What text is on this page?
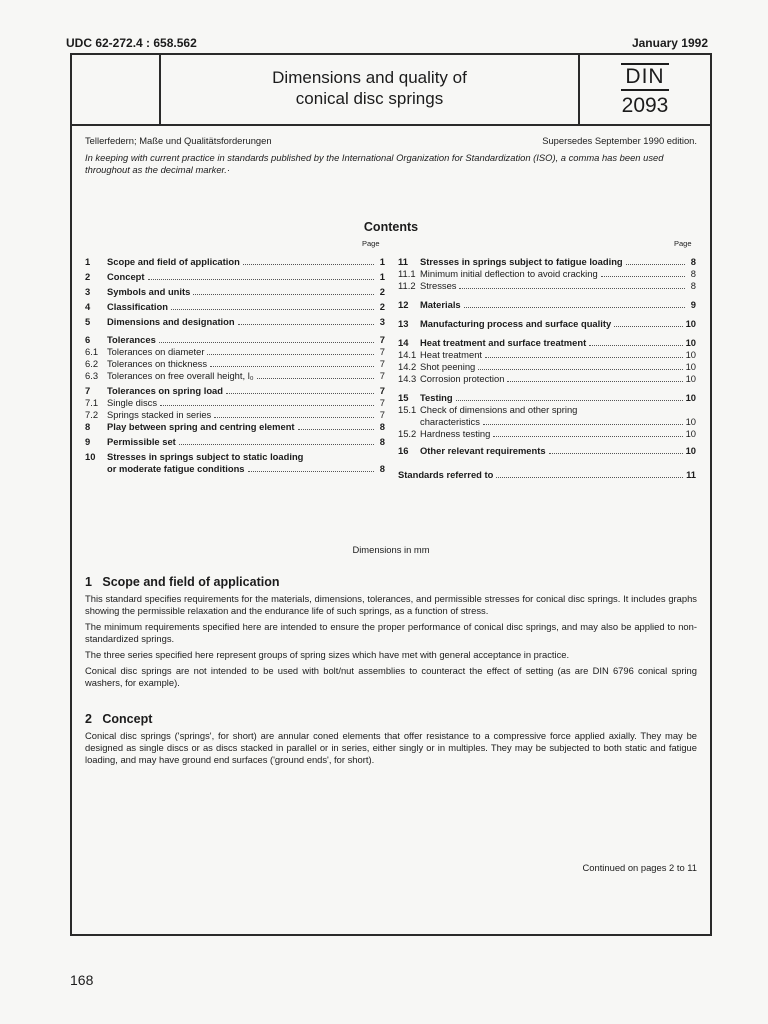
UDC 62-272.4 : 658.562	January 1992
Dimensions and quality of
conical disc springs
DIN
2093
Tellerfedern; Maße und Qualitätsforderungen	Supersedes September 1990 edition.
In keeping with current practice in standards published by the International Organization for Standardization (ISO), a comma has been used throughout as the decimal marker.·
Contents
Page	Page
1	Scope and field of application	1
2	Concept	1
3	Symbols and units	2
4	Classification	2
5	Dimensions and designation	3
6	Tolerances	7
6.1 Tolerances on diameter	7
6.2 Tolerances on thickness	7
6.3 Tolerances on free overall height, l₀	7
7	Tolerances on spring load	7
7.1 Single discs	7
7.2 Springs stacked in series	7
8	Play between spring and centring element	8
9	Permissible set	8
10	Stresses in springs subject to static loading
or moderate fatigue conditions	8
11	Stresses in springs subject to fatigue loading	8
11.1 Minimum initial deflection to avoid cracking	8
11.2 Stresses	8
12	Materials	9
13	Manufacturing process and surface quality	10
14	Heat treatment and surface treatment	10
14.1 Heat treatment	10
14.2 Shot peening	10
14.3 Corrosion protection	10
15	Testing	10
15.1 Check of dimensions and other spring
characteristics	10
15.2 Hardness testing	10
16	Other relevant requirements	10
Standards referred to	11
Dimensions in mm
1   Scope and field of application

This standard specifies requirements for the materials, dimensions, tolerances, and permissible stresses for conical disc springs. It includes graphs showing the permissible relaxation and the endurance life of such springs, as a function of stress.

The minimum requirements specified here are intended to ensure the proper performance of conical disc springs, and may also be applied to non-standardized springs.

The three series specified here represent groups of spring sizes which have met with general acceptance in practice.

Conical disc springs are not intended to be used with bolt/nut assemblies to counteract the effect of setting (as are DIN 6796 conical spring washers, for example).

2   Concept

Conical disc springs ('springs', for short) are annular coned elements that offer resistance to a compressive force applied axially. They may be designed as single discs or as discs stacked in parallel or in series, either singly or in multiples. They may be subjected to both static and fatigue loading, and may have ground end surfaces ('ground ends', for short).

Continued on pages 2 to 11
168
